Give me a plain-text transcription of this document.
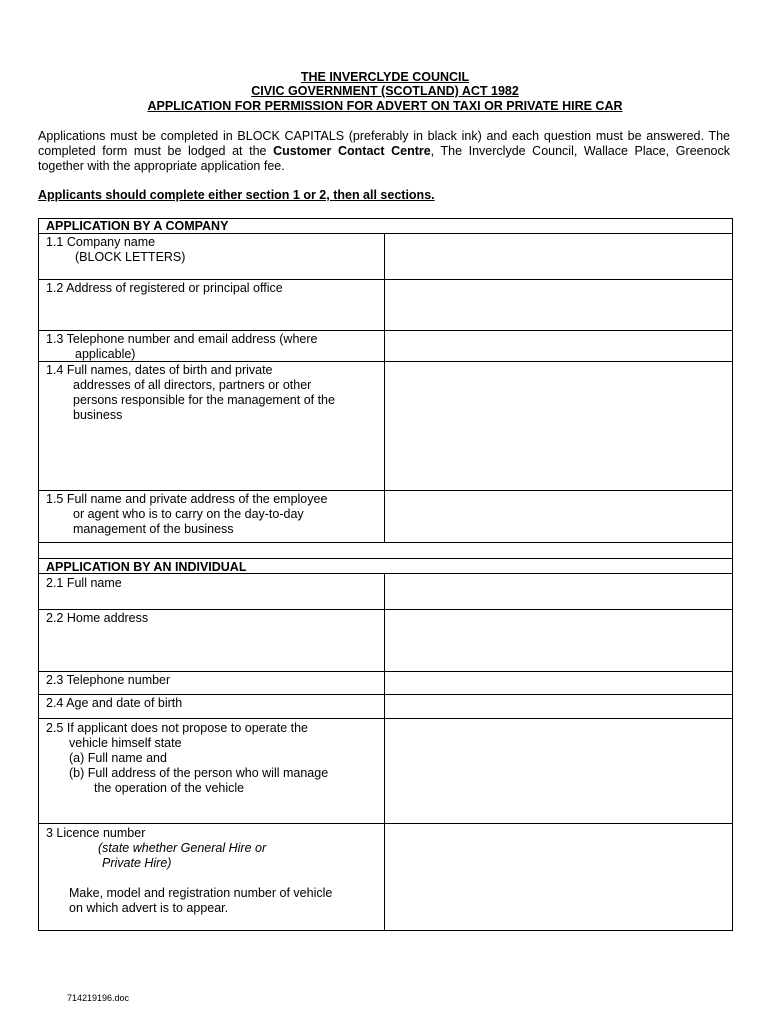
THE INVERCLYDE COUNCIL
CIVIC GOVERNMENT (SCOTLAND) ACT 1982
APPLICATION FOR PERMISSION FOR ADVERT ON TAXI OR PRIVATE HIRE CAR
Applications must be completed in BLOCK CAPITALS (preferably in black ink) and each question must be answered. The completed form must be lodged at the Customer Contact Centre, The Inverclyde Council, Wallace Place, Greenock together with the appropriate application fee.
Applicants should complete either section 1 or 2, then all sections.
APPLICATION BY A COMPANY
1.1 Company name
(BLOCK LETTERS)
1.2 Address of registered or principal office
1.3 Telephone number and email address (where
applicable)
1.4 Full names, dates of birth and private
addresses of all directors, partners or other
persons responsible for the management of the
business
1.5 Full name and private address of the employee
or agent who is to carry on the day-to-day
management of the business
APPLICATION BY AN INDIVIDUAL
2.1 Full name
2.2 Home address
2.3 Telephone number
2.4 Age and date of birth
2.5 If applicant does not propose to operate the
vehicle himself state
(a) Full name and
(b) Full address of the person who will manage
the operation of the vehicle
3 Licence number
(state whether General Hire or
Private Hire)
Make, model and registration number of vehicle
on which advert is to appear.
714219196.doc
